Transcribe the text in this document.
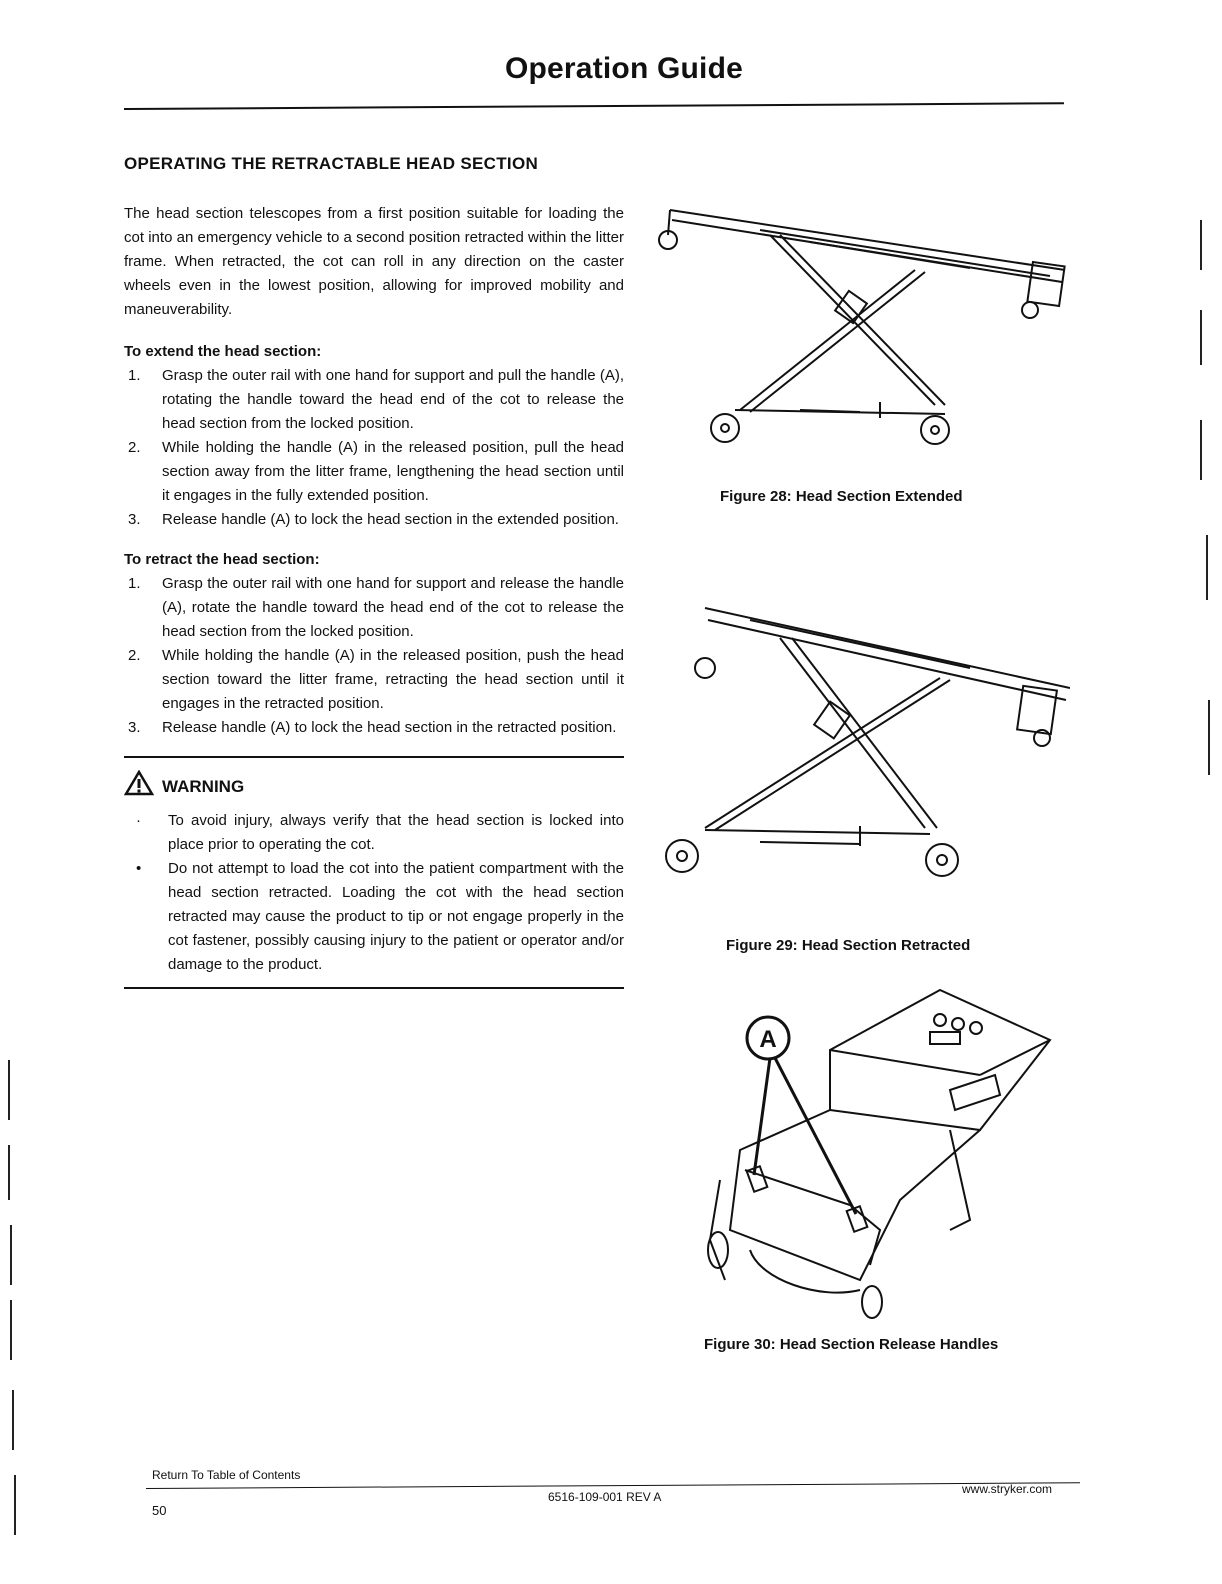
Operation Guide
OPERATING THE RETRACTABLE HEAD SECTION

The head section telescopes from a first position suitable for loading the cot into an emergency vehicle to a second position retracted within the litter frame. When retracted, the cot can roll in any direction on the caster wheels even in the lowest position, allowing for improved mobility and maneuverability.

To extend the head section:

1. Grasp the outer rail with one hand for support and pull the handle (A), rotating the handle toward the head end of the cot to release the head section from the locked position.
2. While holding the handle (A) in the released position, pull the head section away from the litter frame, lengthening the head section until it engages in the fully extended position.
3. Release handle (A) to lock the head section in the extended position.

To retract the head section:

1. Grasp the outer rail with one hand for support and release the handle (A), rotate the handle toward the head end of the cot to release the head section from the locked position.
2. While holding the handle (A) in the released position, push the head section toward the litter frame, retracting the head section until it engages in the retracted position.
3. Release handle (A) to lock the head section in the retracted position.
WARNING
· To avoid injury, always verify that the head section is locked into place prior to operating the cot.
• Do not attempt to load the cot into the patient compartment with the head section retracted. Loading the cot with the head section retracted may cause the product to tip or not engage properly in the cot fastener, possibly causing injury to the patient or operator and/or damage to the product.
Figure 28: Head Section Extended
Figure 29: Head Section Retracted
A
Figure 30: Head Section Release Handles
Return To Table of Contents
50
6516-109-001 REV A
www.stryker.com
